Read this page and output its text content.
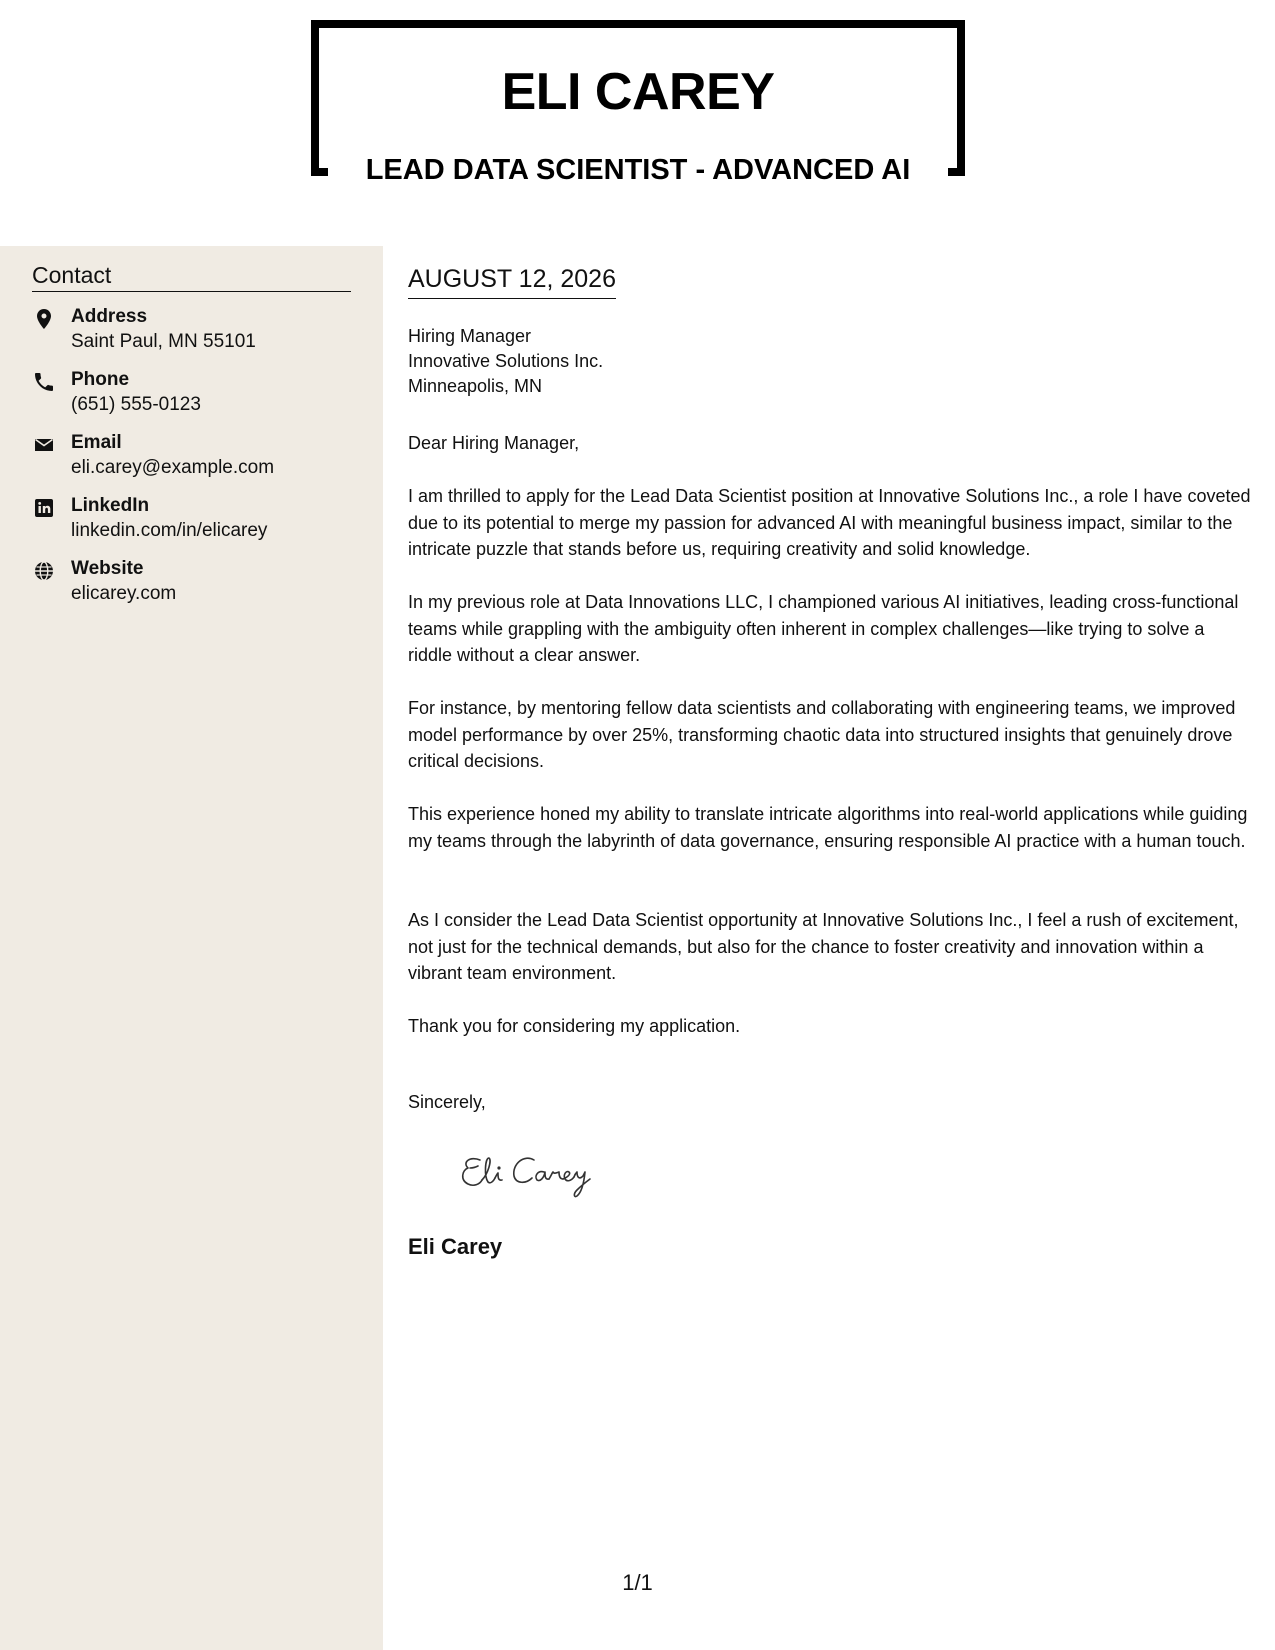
ELI CAREY
LEAD DATA SCIENTIST - ADVANCED AI
Contact
Address
Saint Paul, MN 55101
Phone
(651) 555-0123
Email
eli.carey@example.com
LinkedIn
linkedin.com/in/elicarey
Website
elicarey.com
AUGUST 12, 2026
Hiring Manager
Innovative Solutions Inc.
Minneapolis, MN
Dear Hiring Manager,
I am thrilled to apply for the Lead Data Scientist position at Innovative Solutions Inc., a role I have coveted due to its potential to merge my passion for advanced AI with meaningful business impact, similar to the intricate puzzle that stands before us, requiring creativity and solid knowledge.
In my previous role at Data Innovations LLC, I championed various AI initiatives, leading cross-functional teams while grappling with the ambiguity often inherent in complex challenges—like trying to solve a riddle without a clear answer.
For instance, by mentoring fellow data scientists and collaborating with engineering teams, we improved model performance by over 25%, transforming chaotic data into structured insights that genuinely drove critical decisions.
This experience honed my ability to translate intricate algorithms into real-world applications while guiding my teams through the labyrinth of data governance, ensuring responsible AI practice with a human touch.
As I consider the Lead Data Scientist opportunity at Innovative Solutions Inc., I feel a rush of excitement, not just for the technical demands, but also for the chance to foster creativity and innovation within a vibrant team environment.
Thank you for considering my application.
Sincerely,
Eli Carey
1/1
